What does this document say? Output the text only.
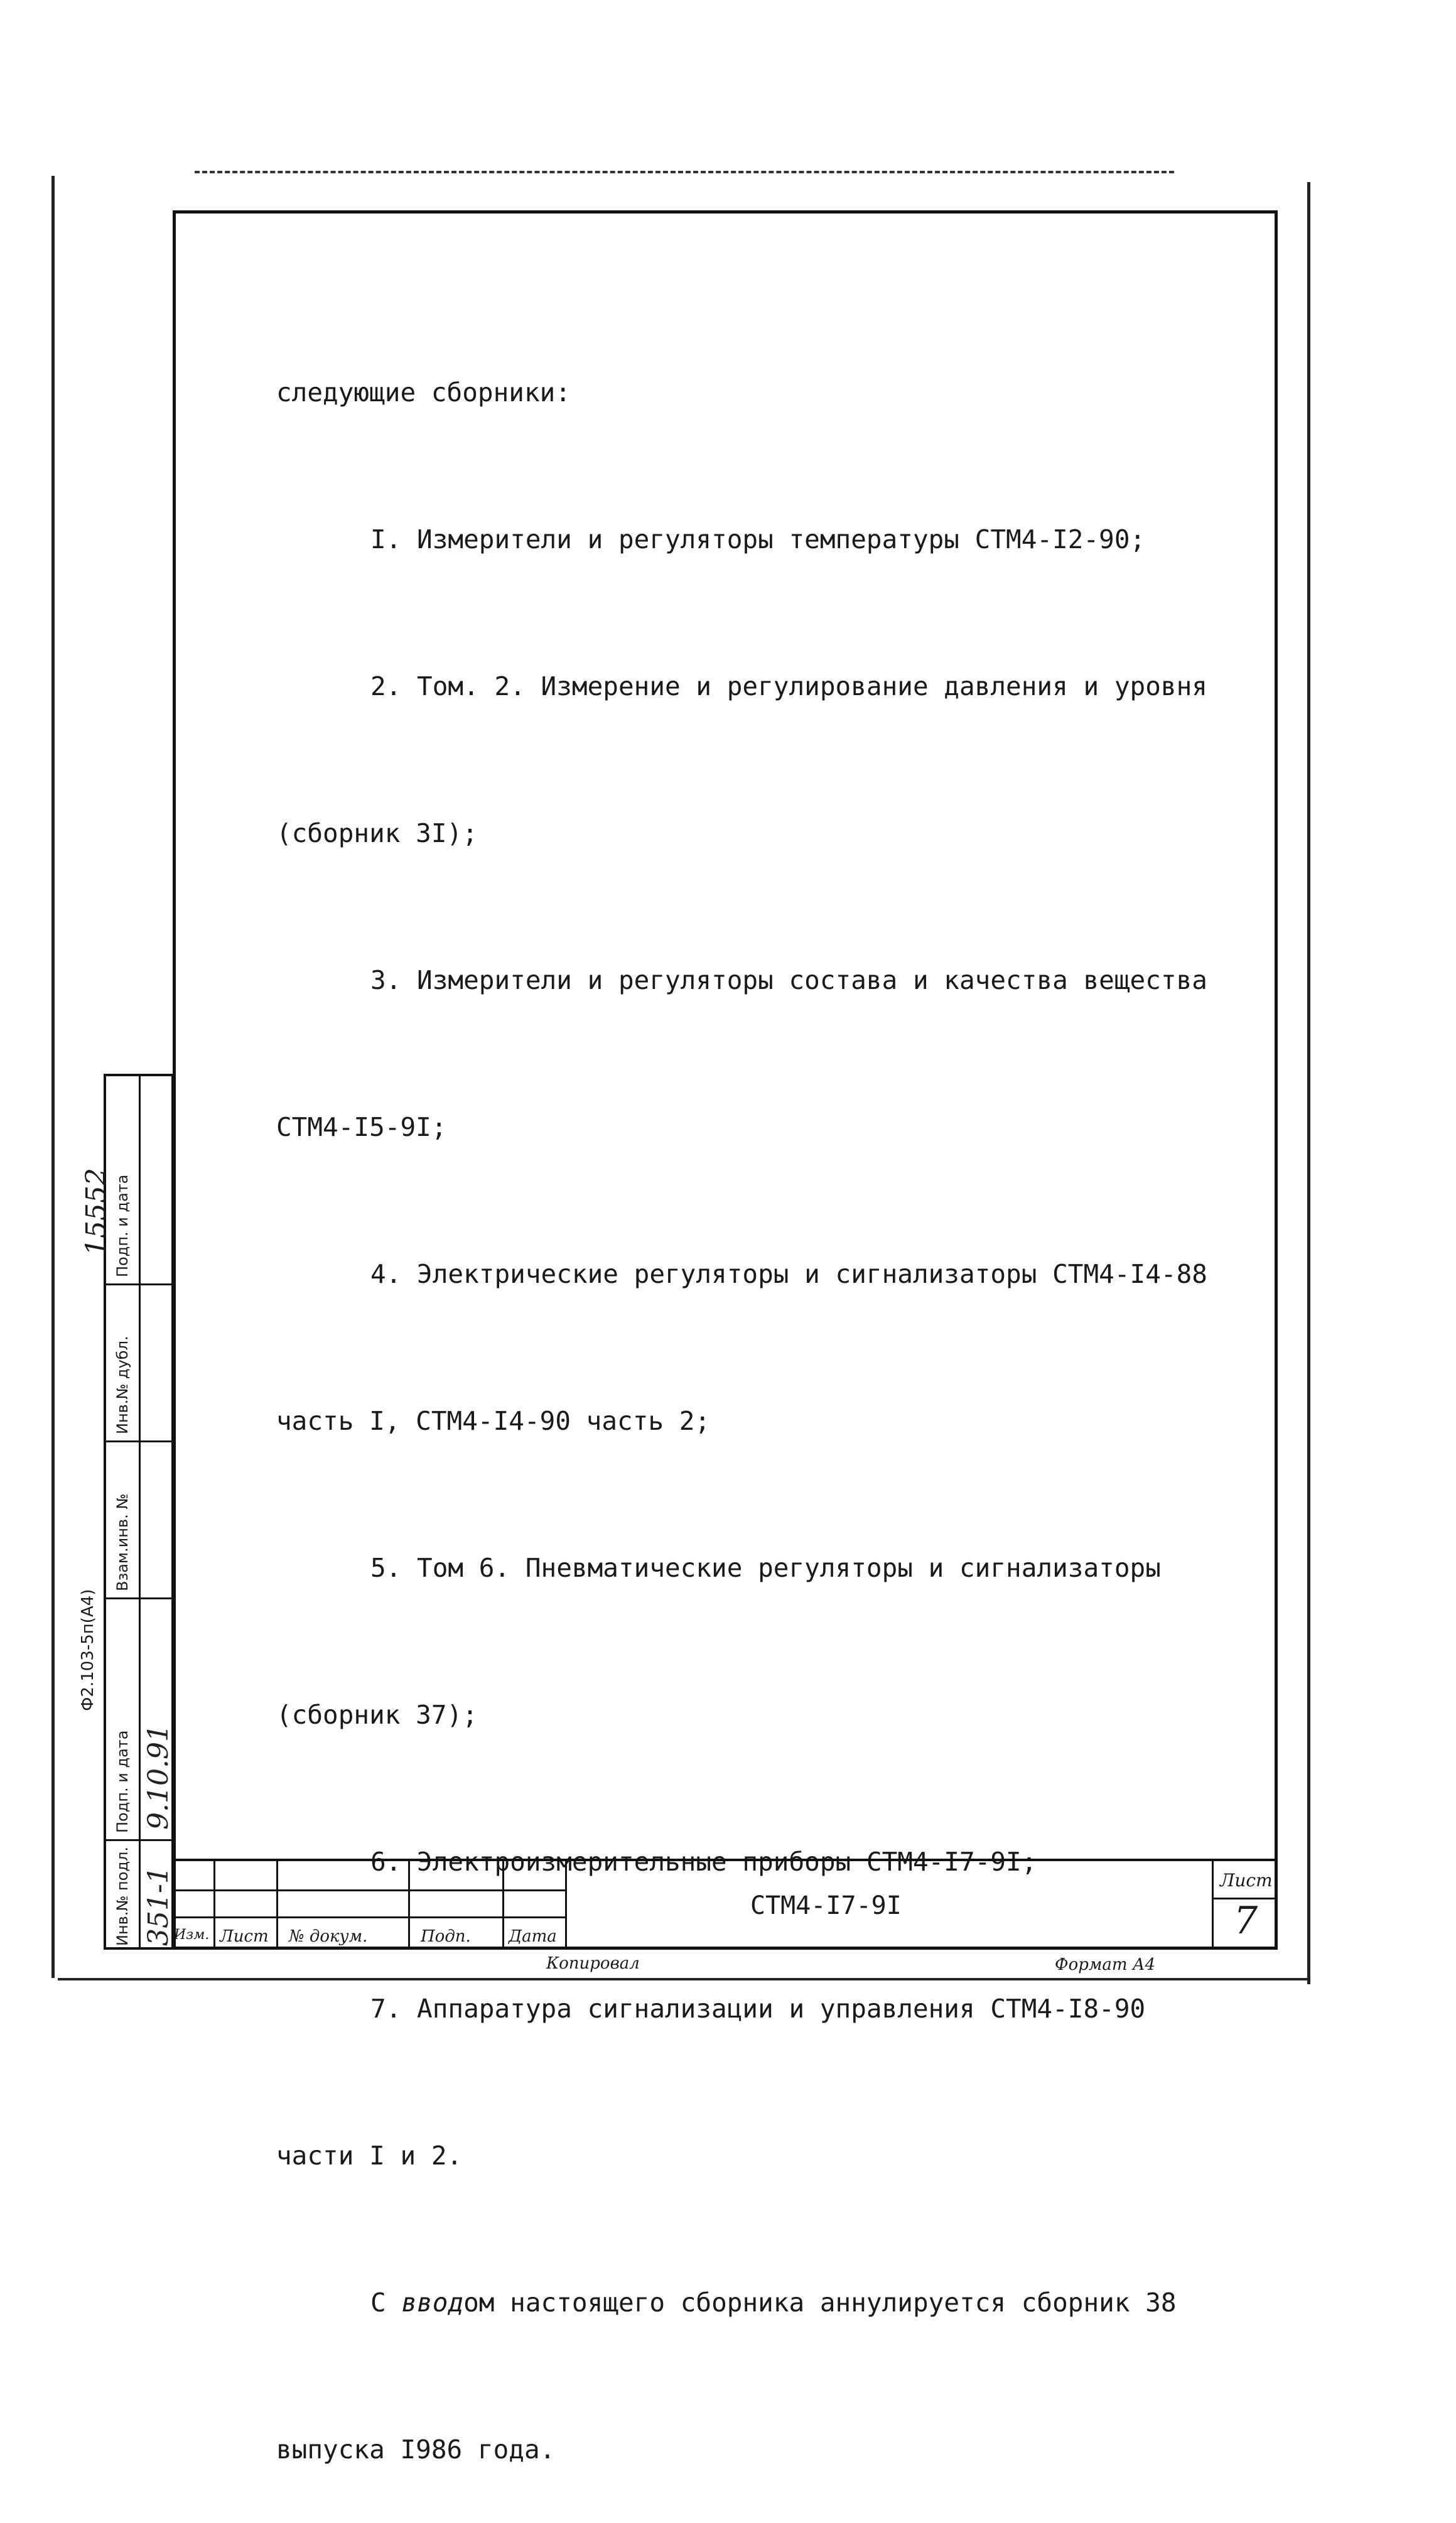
следующие сборники:

I. Измерители и регуляторы температуры СТМ4-I2-90;

2. Том. 2. Измерение и регулирование давления и уровня

(сборник 3I);

3. Измерители и регуляторы состава и качества вещества

СТМ4-I5-9I;

4. Электрические регуляторы и сигнализаторы СТМ4-I4-88

часть I, СТМ4-I4-90 часть 2;

5. Том 6. Пневматические регуляторы и сигнализаторы

(сборник 37);

6. Электроизмерительные приборы СТМ4-I7-9I;

7. Аппаратура сигнализации и управления СТМ4-I8-90

части I и 2.

С вводом настоящего сборника аннулируется сборник 38

выпуска I986 года.

Подп. и дата
Инв.№ дубл.
Взам.инв. №
Подп. и дата
Инв.№ подл.
9.10.91
351-1
Ф2.103-5п(А4)
15552
Изм. Лист № докум.	Подп. Дата
СТМ4-I7-9I
Лист
7
Копировал	Формат А4
